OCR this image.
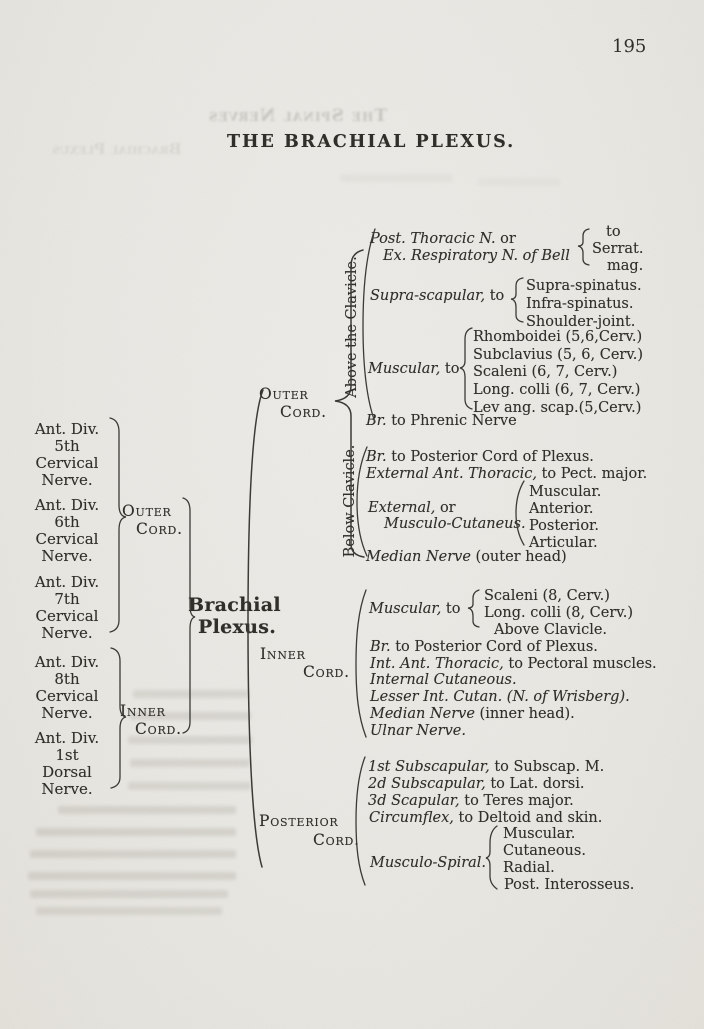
The Spinal Nerves
Brachial Plexus
195
THE BRACHIAL PLEXUS.
Ant. Div.
5th
Cervical
Nerve.
Ant. Div.
6th
Cervical
Nerve.
Ant. Div.
7th
Cervical
Nerve.
Ant. Div.
8th
Cervical
Nerve.
Ant. Div.
1st
Dorsal
Nerve.
Outer
Cord.
Inner
Cord.
Brachial
Plexus.
Outer
Cord.
Inner
Cord.
Posterior
Cord.
Above the Clavicle.
Below Clavicle.
Post. Thoracic N. or
Ex. Respiratory N. of Bell
to
Serrat.
mag.
Supra-scapular, to
Supra-spinatus.
Infra-spinatus.
Shoulder-joint.
Muscular, to
Rhomboidei (5,6,Cerv.)
Subclavius (5, 6, Cerv.)
Scaleni (6, 7, Cerv.)
Long. colli (6, 7, Cerv.)
Lev ang. scap.(5,Cerv.)
Br. to Phrenic Nerve
Br. to Posterior Cord of Plexus.
External Ant. Thoracic, to Pect. major.
External, or
Musculo-Cutaneus.
Muscular.
Anterior.
Posterior.
Articular.
Median Nerve (outer head)
Muscular, to
Scaleni (8, Cerv.)
Long. colli (8, Cerv.)
Above Clavicle.
Br. to Posterior Cord of Plexus.
Int. Ant. Thoracic, to Pectoral muscles.
Internal Cutaneous.
Lesser Int. Cutan. (N. of Wrisberg).
Median Nerve (inner head).
Ulnar Nerve.
1st Subscapular, to Subscap. M.
2d Subscapular, to Lat. dorsi.
3d Scapular, to Teres major.
Circumflex, to Deltoid and skin.
Musculo-Spiral.
Muscular.
Cutaneous.
Radial.
Post. Interosseus.
